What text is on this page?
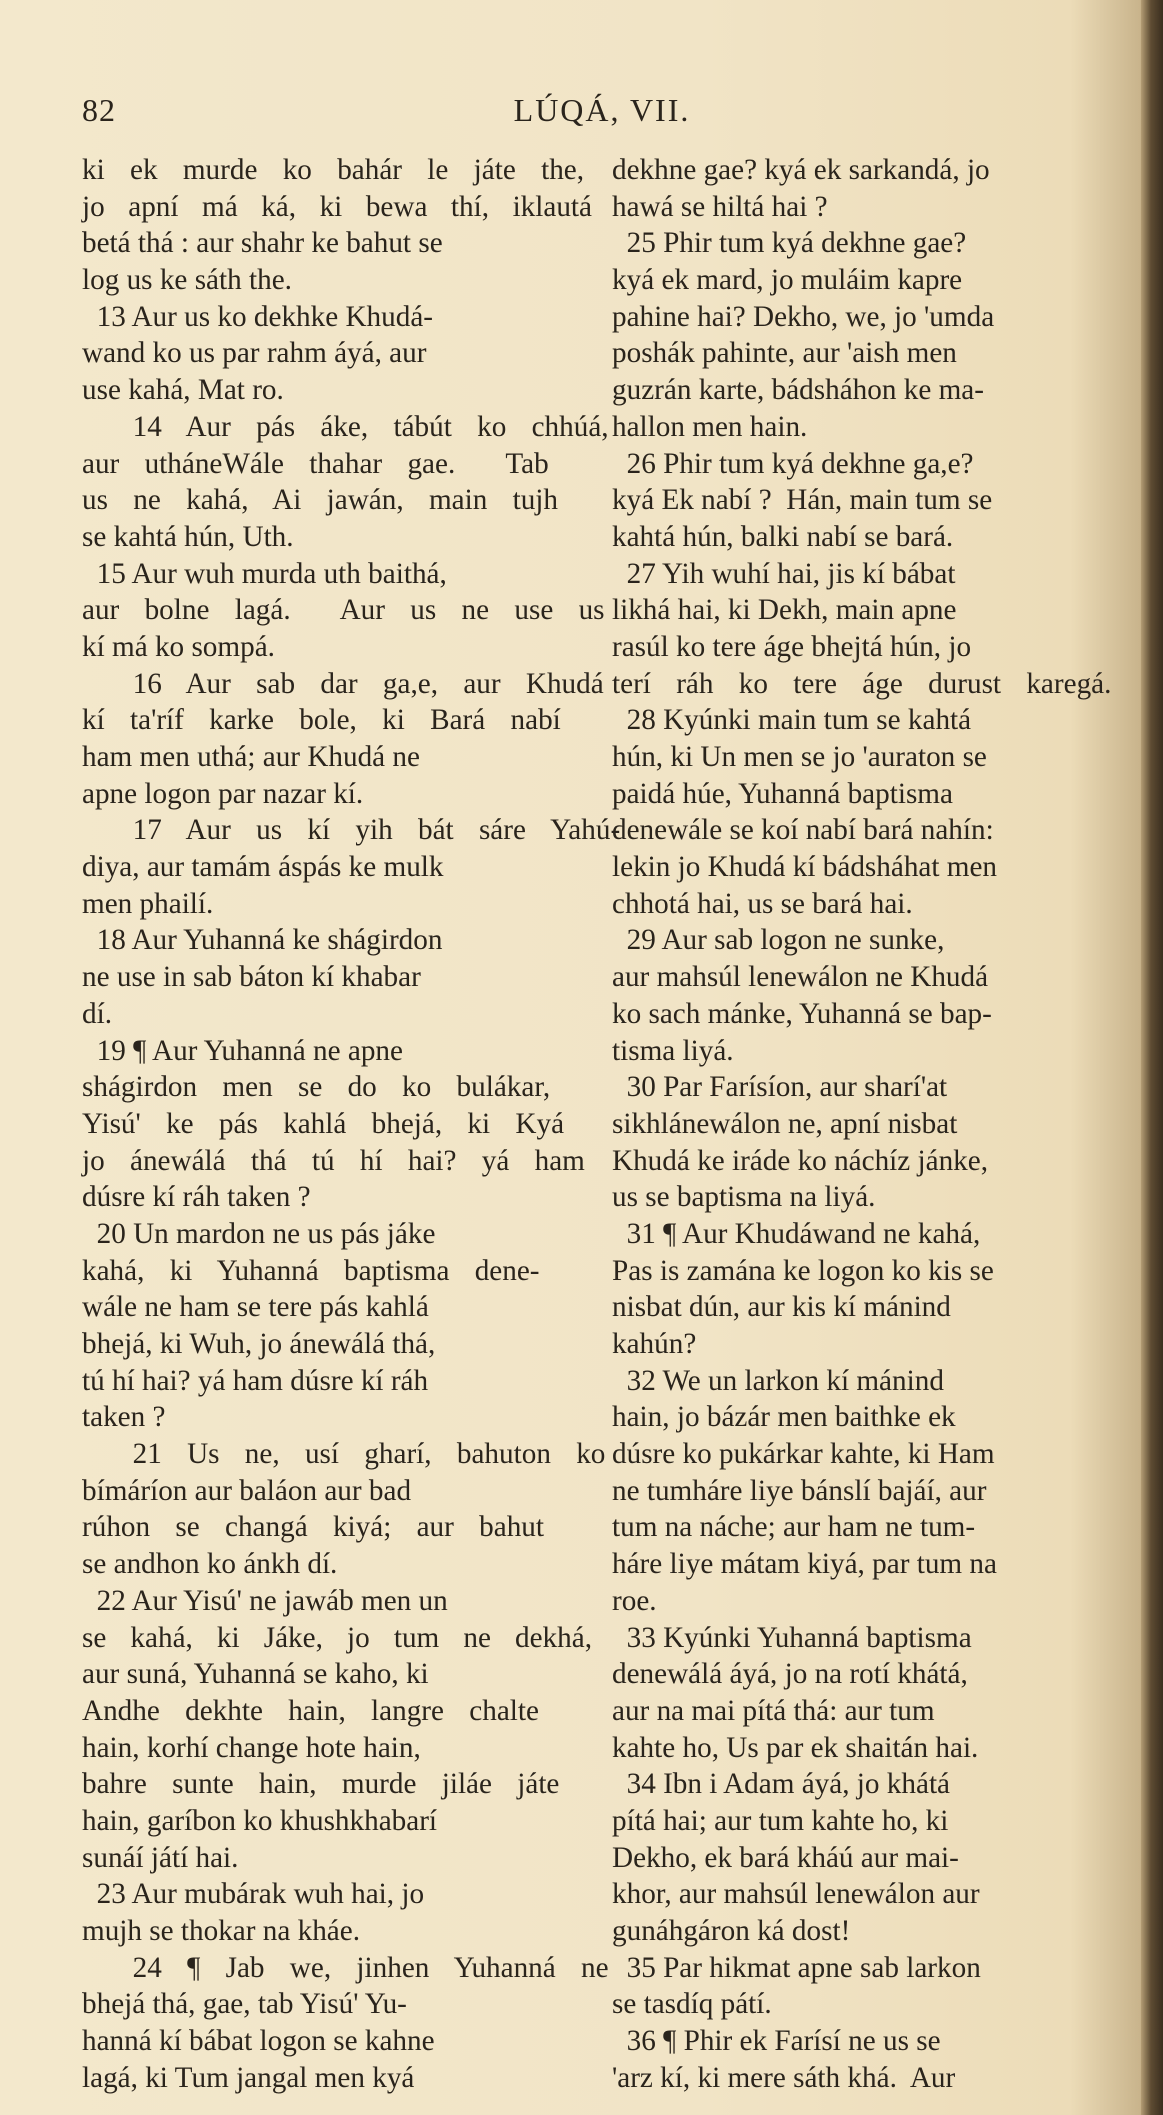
82	LÚQÁ, VII.
ki ek murde ko bahár le játe the,
jo apní má ká, ki bewa thí, iklautá
betá thá : aur shahr ke bahut se
log us ke sáth the.
13 Aur us ko dekhke Khudá-
wand ko us par rahm áyá, aur
use kahá, Mat ro.
14 Aur pás áke, tábút ko chhúá,
aur utháneWále thahar gae.  Tab
us ne kahá, Ai jawán, main tujh
se kahtá hún, Uth.
15 Aur wuh murda uth baithá,
aur bolne lagá.  Aur us ne use us
kí má ko sompá.
16 Aur sab dar ga,e, aur Khudá
kí ta'ríf karke bole, ki Bará nabí
ham men uthá; aur Khudá ne
apne logon par nazar kí.
17 Aur us kí yih bát sáre Yahú-
diya, aur tamám áspás ke mulk
men phailí.
18 Aur Yuhanná ke shágirdon
ne use in sab báton kí khabar
dí.
19 ¶ Aur Yuhanná ne apne
shágirdon men se do ko bulákar,
Yisú' ke pás kahlá bhejá, ki Kyá
jo ánewálá thá tú hí hai? yá ham
dúsre kí ráh taken ?
20 Un mardon ne us pás jáke
kahá, ki Yuhanná baptisma dene-
wále ne ham se tere pás kahlá
bhejá, ki Wuh, jo ánewálá thá,
tú hí hai? yá ham dúsre kí ráh
taken ?
21 Us ne, usí gharí, bahuton ko
bímáríon aur baláon aur bad
rúhon se changá kiyá; aur bahut
se andhon ko ánkh dí.
22 Aur Yisú' ne jawáb men un
se kahá, ki Jáke, jo tum ne dekhá,
aur suná, Yuhanná se kaho, ki
Andhe dekhte hain, langre chalte
hain, korhí change hote hain,
bahre sunte hain, murde jiláe játe
hain, garíbon ko khushkhabarí
sunáí játí hai.
23 Aur mubárak wuh hai, jo
mujh se thokar na kháe.
24 ¶ Jab we, jinhen Yuhanná ne
bhejá thá, gae, tab Yisú' Yu-
hanná kí bábat logon se kahne
lagá, ki Tum jangal men kyá
dekhne gae? kyá ek sarkandá, jo
hawá se hiltá hai ?
25 Phir tum kyá dekhne gae?
kyá ek mard, jo muláim kapre
pahine hai? Dekho, we, jo 'umda
poshák pahinte, aur 'aish men
guzrán karte, bádsháhon ke ma-
hallon men hain.
26 Phir tum kyá dekhne ga,e?
kyá Ek nabí ?  Hán, main tum se
kahtá hún, balki nabí se bará.
27 Yih wuhí hai, jis kí bábat
likhá hai, ki Dekh, main apne
rasúl ko tere áge bhejtá hún, jo
terí ráh ko tere áge durust karegá.
28 Kyúnki main tum se kahtá
hún, ki Un men se jo 'auraton se
paidá húe, Yuhanná baptisma
denewále se koí nabí bará nahín:
lekin jo Khudá kí bádsháhat men
chhotá hai, us se bará hai.
29 Aur sab logon ne sunke,
aur mahsúl lenewálon ne Khudá
ko sach mánke, Yuhanná se bap-
tisma liyá.
30 Par Farísíon, aur sharí'at
sikhlánewálon ne, apní nisbat
Khudá ke iráde ko náchíz jánke,
us se baptisma na liyá.
31 ¶ Aur Khudáwand ne kahá,
Pas is zamána ke logon ko kis se
nisbat dún, aur kis kí mánind
kahún?
32 We un larkon kí mánind
hain, jo bázár men baithke ek
dúsre ko pukárkar kahte, ki Ham
ne tumháre liye bánslí bajáí, aur
tum na náche; aur ham ne tum-
háre liye mátam kiyá, par tum na
roe.
33 Kyúnki Yuhanná baptisma
denewálá áyá, jo na rotí khátá,
aur na mai pítá thá: aur tum
kahte ho, Us par ek shaitán hai.
34 Ibn i Adam áyá, jo khátá
pítá hai; aur tum kahte ho, ki
Dekho, ek bará kháú aur mai-
khor, aur mahsúl lenewálon aur
gunáhgáron ká dost!
35 Par hikmat apne sab larkon
se tasdíq pátí.
36 ¶ Phir ek Farísí ne us se
'arz kí, ki mere sáth khá.  Aur
